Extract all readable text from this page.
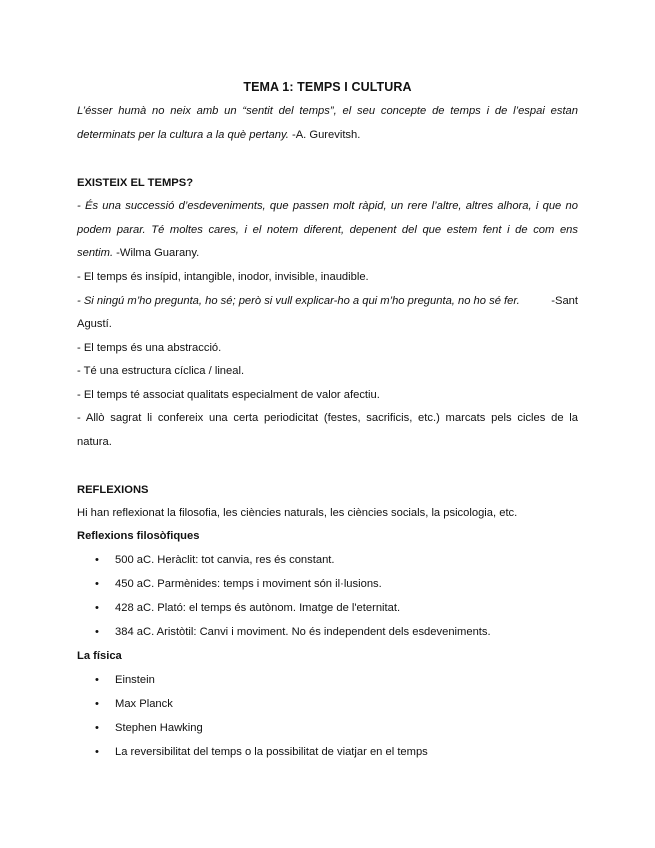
TEMA 1: TEMPS I CULTURA
L’ésser humà no neix amb un “sentit del temps”, el seu concepte de temps i de l’espai estan
determinats per la cultura a la què pertany. -A. Gurevitsh.
EXISTEIX EL TEMPS?
- És una successió d’esdeveniments, que passen molt ràpid, un rere l’altre, altres alhora, i que no
podem parar. Té moltes cares, i el notem diferent, depenent del que estem fent i de com ens
sentim. -Wilma Guarany.
- El temps és insípid, intangible, inodor, invisible, inaudible.
- Si ningú m’ho pregunta, ho sé; però si vull explicar-ho a qui m’ho pregunta, no ho sé fer.	-Sant
Agustí.
- El temps és una abstracció.
- Té una estructura cíclica / lineal.
- El temps té associat qualitats especialment de valor afectiu.
- Allò sagrat li confereix una certa periodicitat (festes, sacrificis, etc.) marcats pels cicles de la
natura.
REFLEXIONS
Hi han reflexionat la filosofia, les ciències naturals, les ciències socials, la psicologia, etc.
Reflexions filosòfiques
• 500 aC. Heràclit: tot canvia, res és constant.
• 450 aC. Parmènides: temps i moviment són il·lusions.
• 428 aC. Plató: el temps és autònom. Imatge de l'eternitat.
• 384 aC. Aristòtil: Canvi i moviment. No és independent dels esdeveniments.
La física
• Einstein
• Max Planck
• Stephen Hawking
• La reversibilitat del temps o la possibilitat de viatjar en el temps
